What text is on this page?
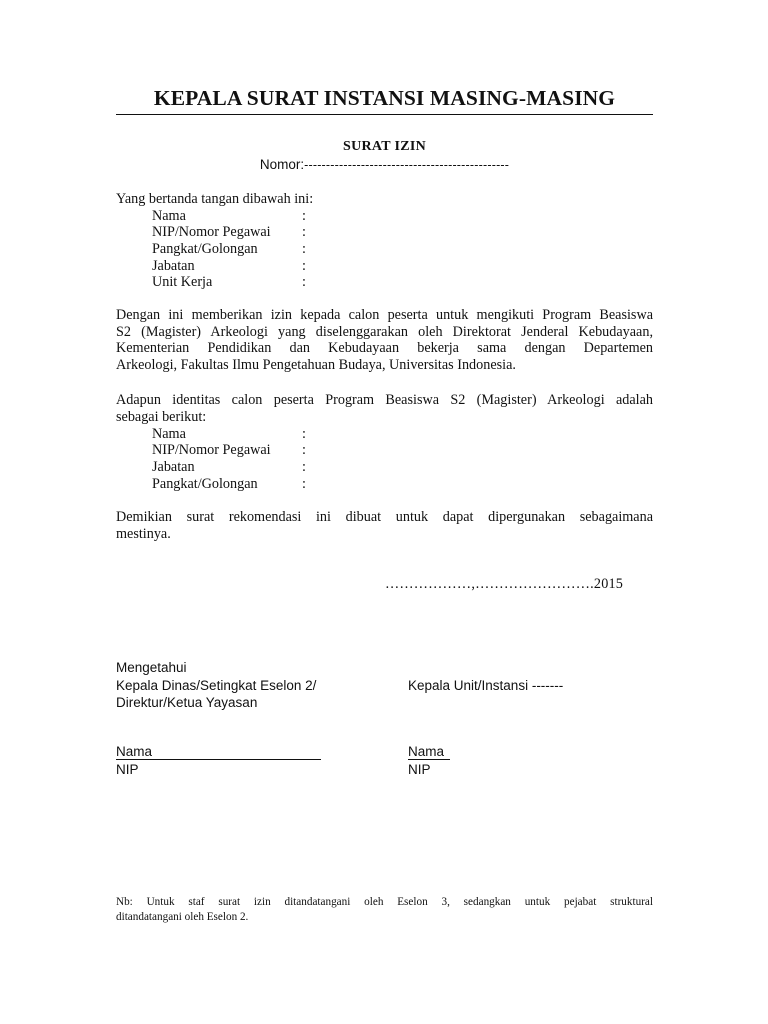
KEPALA SURAT INSTANSI MASING-MASING
SURAT IZIN
Nomor:-----------------------------------------------
Yang bertanda tangan dibawah ini:
Nama	:
NIP/Nomor Pegawai :
Pangkat/Golongan	:
Jabatan	:
Unit Kerja	:
Dengan ini memberikan izin kepada calon peserta untuk mengikuti Program Beasiswa
S2 (Magister) Arkeologi yang diselenggarakan oleh Direktorat Jenderal Kebudayaan,
Kementerian Pendidikan dan Kebudayaan bekerja sama dengan Departemen
Arkeologi, Fakultas Ilmu Pengetahuan Budaya, Universitas Indonesia.
Adapun identitas calon peserta Program Beasiswa S2 (Magister) Arkeologi adalah
sebagai berikut:
Nama	:
NIP/Nomor Pegawai :
Jabatan	:
Pangkat/Golongan	:
Demikian surat rekomendasi ini dibuat untuk dapat dipergunakan sebagaimana
mestinya.
………………,…………………….2015
Mengetahui
Kepala Dinas/Setingkat Eselon 2/
Direktur/Ketua Yayasan
Kepala Unit/Instansi -------
Nama
NIP
Nama
NIP
Nb: Untuk staf surat izin ditandatangani oleh Eselon 3, sedangkan untuk pejabat struktural
ditandatangani oleh Eselon 2.
